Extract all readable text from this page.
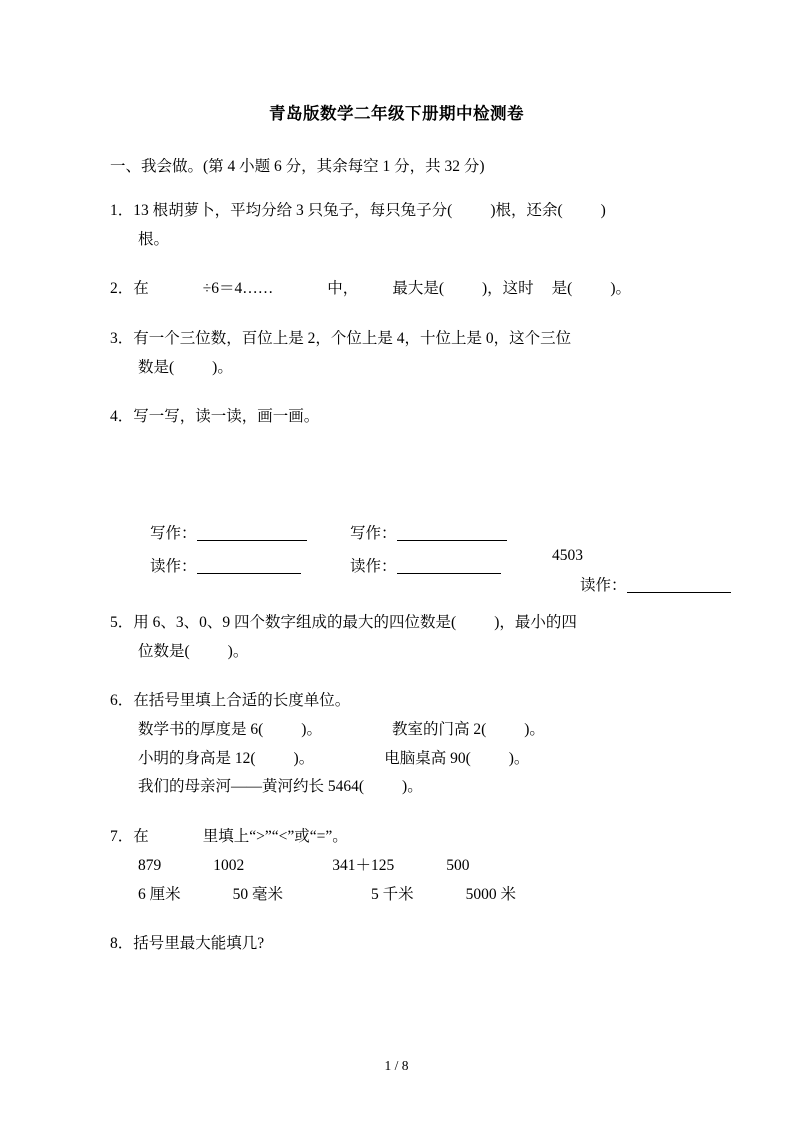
青岛版数学二年级下册期中检测卷
一、我会做。(第 4 小题 6 分，其余每空 1 分，共 32 分)
1．13 根胡萝卜，平均分给 3 只兔子，每只兔子分( )根，还余( )
根。
2．在	÷6＝4……	中， 最大是( )，这时 是( )。
3．有一个三位数，百位上是 2，个位上是 4，十位上是 0，这个三位
数是( )。
4．写一写，读一读，画一画。
写作：	写作：
读作：	读作：
4503
读作：
5．用 6、3、0、9 四个数字组成的最大的四位数是( )，最小的四
位数是( )。
6．在括号里填上合适的长度单位。
数学书的厚度是 6( )。	教室的门高 2( )。
小明的身高是 12( )。	电脑桌高 90( )。
我们的母亲河——黄河约长 5464( )。
7．在	里填上“>”“<”或“=”。
879	1002	341＋125	500
6 厘米	50 毫米	5 千米	5000 米
8．括号里最大能填几?
1 / 8
